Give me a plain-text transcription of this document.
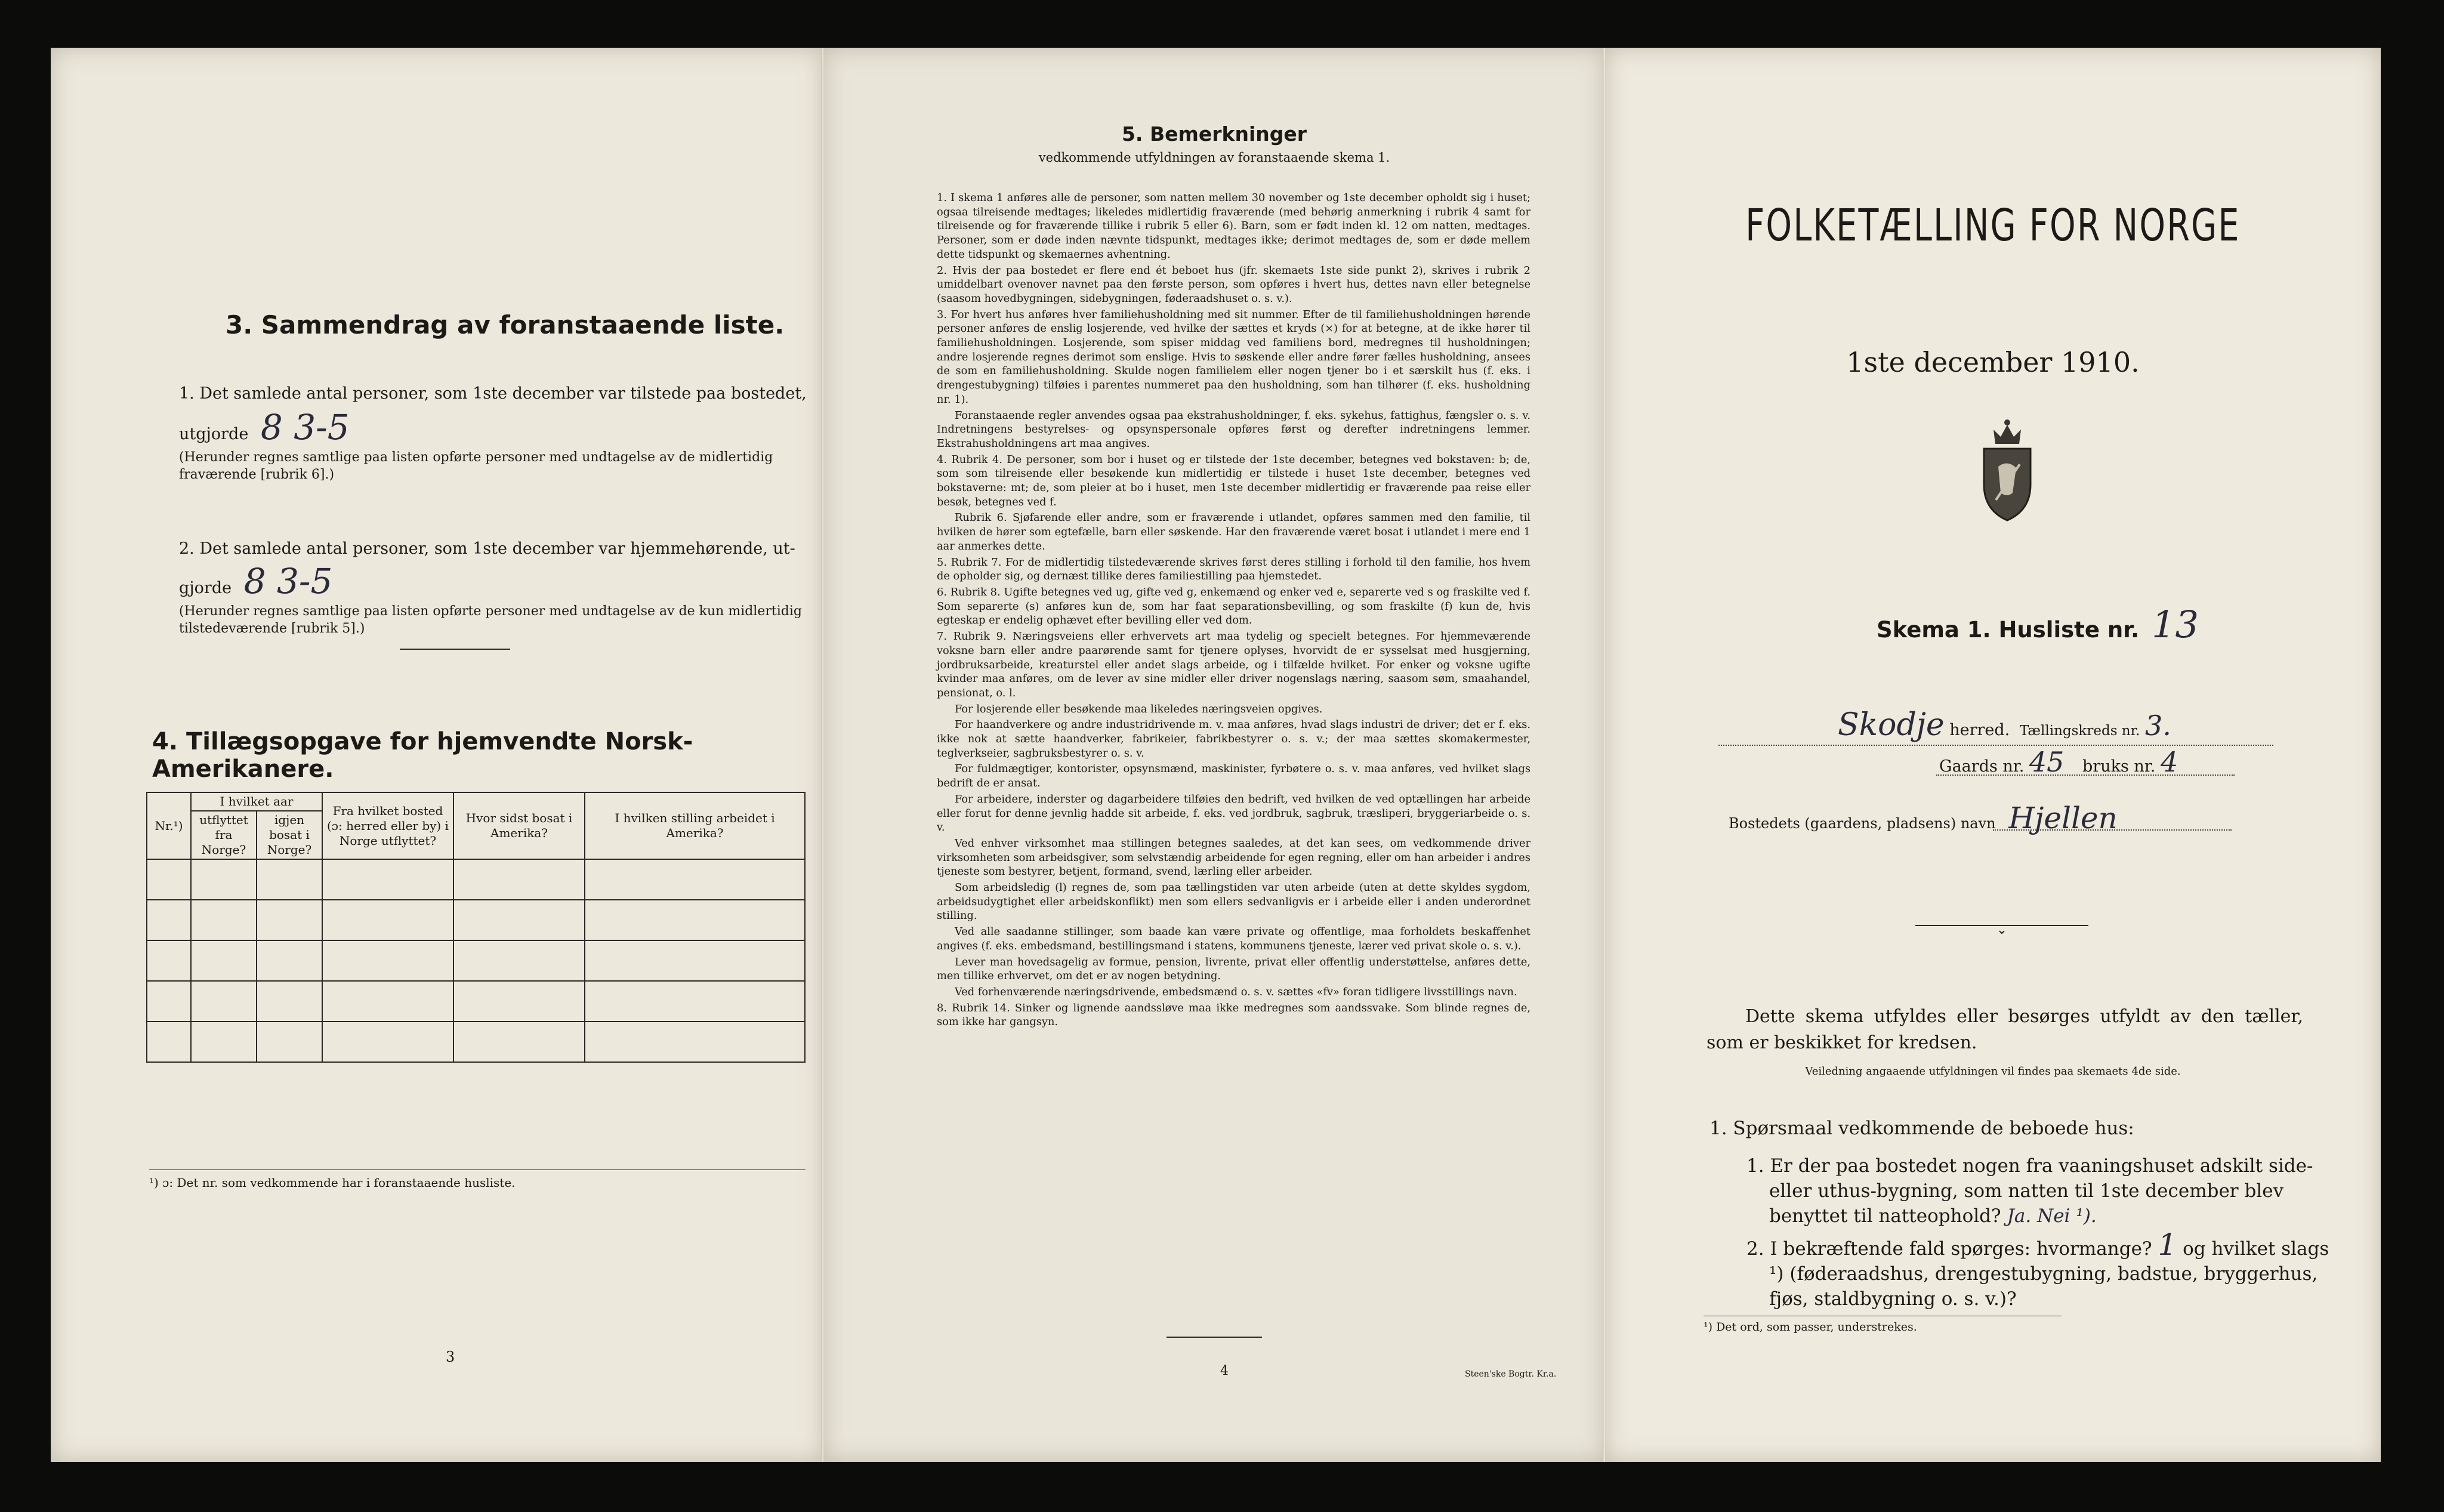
3. Sammendrag av foranstaaende liste.
1. Det samlede antal personer, som 1ste december var tilstede paa bostedet,
utgjorde 8 3-5
(Herunder regnes samtlige paa listen opførte personer med undtagelse av de midlertidig fraværende [rubrik 6].)
2. Det samlede antal personer, som 1ste december var hjemmehørende, ut-
gjorde 8 3-5
(Herunder regnes samtlige paa listen opførte personer med undtagelse av de kun midlertidig tilstedeværende [rubrik 5].)
4. Tillægsopgave for hjemvendte Norsk-Amerikanere.
Nr.¹)	I hvilket aar		Fra hvilket bosted (ɔ: herred eller by) i Norge utflyttet?	Hvor sidst bosat i Amerika?	I hvilken stilling arbeidet i Amerika?
	utflyttet fra Norge?	igjen bosat i Norge?			

¹) ɔ: Det nr. som vedkommende har i foranstaaende husliste.
3
5. Bemerkninger
vedkommende utfyldningen av foranstaaende skema 1.

1. I skema 1 anføres alle de personer, som natten mellem 30 november og 1ste december opholdt sig i huset; ogsaa tilreisende medtages; likeledes midlertidig fraværende (med behørig anmerkning i rubrik 4 samt for tilreisende og for fraværende tillike i rubrik 5 eller 6). Barn, som er født inden kl. 12 om natten, medtages. Personer, som er døde inden nævnte tidspunkt, medtages ikke; derimot medtages de, som er døde mellem dette tidspunkt og skemaernes avhentning.

2. Hvis der paa bostedet er flere end ét beboet hus (jfr. skemaets 1ste side punkt 2), skrives i rubrik 2 umiddelbart ovenover navnet paa den første person, som opføres i hvert hus, dettes navn eller betegnelse (saasom hovedbygningen, sidebygningen, føderaadshuset o. s. v.).

3. For hvert hus anføres hver familiehusholdning med sit nummer. Efter de til familiehusholdningen hørende personer anføres de enslig losjerende, ved hvilke der sættes et kryds (×) for at betegne, at de ikke hører til familiehusholdningen. Losjerende, som spiser middag ved familiens bord, medregnes til husholdningen; andre losjerende regnes derimot som enslige. Hvis to søskende eller andre fører fælles husholdning, ansees de som en familiehusholdning. Skulde nogen familielem eller nogen tjener bo i et særskilt hus (f. eks. i drengestubygning) tilføies i parentes nummeret paa den husholdning, som han tilhører (f. eks. husholdning nr. 1).

Foranstaaende regler anvendes ogsaa paa ekstrahusholdninger, f. eks. sykehus, fattighus, fængsler o. s. v. Indretningens bestyrelses- og opsynspersonale opføres først og derefter indretningens lemmer. Ekstrahusholdningens art maa angives.

4. Rubrik 4. De personer, som bor i huset og er tilstede der 1ste december, betegnes ved bokstaven: b; de, som som tilreisende eller besøkende kun midlertidig er tilstede i huset 1ste december, betegnes ved bokstaverne: mt; de, som pleier at bo i huset, men 1ste december midlertidig er fraværende paa reise eller besøk, betegnes ved f.

Rubrik 6. Sjøfarende eller andre, som er fraværende i utlandet, opføres sammen med den familie, til hvilken de hører som egtefælle, barn eller søskende. Har den fraværende været bosat i utlandet i mere end 1 aar anmerkes dette.

5. Rubrik 7. For de midlertidig tilstedeværende skrives først deres stilling i forhold til den familie, hos hvem de opholder sig, og dernæst tillike deres familiestilling paa hjemstedet.

6. Rubrik 8. Ugifte betegnes ved ug, gifte ved g, enkemænd og enker ved e, separerte ved s og fraskilte ved f. Som separerte (s) anføres kun de, som har faat separationsbevilling, og som fraskilte (f) kun de, hvis egteskap er endelig ophævet efter bevilling eller ved dom.

7. Rubrik 9. Næringsveiens eller erhvervets art maa tydelig og specielt betegnes. For hjemmeværende voksne barn eller andre paarørende samt for tjenere oplyses, hvorvidt de er sysselsat med husgjerning, jordbruksarbeide, kreaturstel eller andet slags arbeide, og i tilfælde hvilket. For enker og voksne ugifte kvinder maa anføres, om de lever av sine midler eller driver nogenslags næring, saasom søm, smaahandel, pensionat, o. l.

For losjerende eller besøkende maa likeledes næringsveien opgives.

For haandverkere og andre industridrivende m. v. maa anføres, hvad slags industri de driver; det er f. eks. ikke nok at sætte haandverker, fabrikeier, fabrikbestyrer o. s. v.; der maa sættes skomakermester, teglverkseier, sagbruksbestyrer o. s. v.

For fuldmægtiger, kontorister, opsynsmænd, maskinister, fyrbøtere o. s. v. maa anføres, ved hvilket slags bedrift de er ansat.

For arbeidere, inderster og dagarbeidere tilføies den bedrift, ved hvilken de ved optællingen har arbeide eller forut for denne jevnlig hadde sit arbeide, f. eks. ved jordbruk, sagbruk, træsliperi, bryggeriarbeide o. s. v.

Ved enhver virksomhet maa stillingen betegnes saaledes, at det kan sees, om vedkommende driver virksomheten som arbeidsgiver, som selvstændig arbeidende for egen regning, eller om han arbeider i andres tjeneste som bestyrer, betjent, formand, svend, lærling eller arbeider.

Som arbeidsledig (l) regnes de, som paa tællingstiden var uten arbeide (uten at dette skyldes sygdom, arbeidsudygtighet eller arbeidskonflikt) men som ellers sedvanligvis er i arbeide eller i anden underordnet stilling.

Ved alle saadanne stillinger, som baade kan være private og offentlige, maa forholdets beskaffenhet angives (f. eks. embedsmand, bestillingsmand i statens, kommunens tjeneste, lærer ved privat skole o. s. v.).

Lever man hovedsagelig av formue, pension, livrente, privat eller offentlig understøttelse, anføres dette, men tillike erhvervet, om det er av nogen betydning.

Ved forhenværende næringsdrivende, embedsmænd o. s. v. sættes «fv» foran tidligere livsstillings navn.

8. Rubrik 14. Sinker og lignende aandssløve maa ikke medregnes som aandssvake. Som blinde regnes de, som ikke har gangsyn.

4	Steen'ske Bogtr. Kr.a.
FOLKETÆLLING FOR NORGE
1ste december 1910.
Skema 1. Husliste nr. 13
Skodje herred. Tællingskreds nr. 3.
Gaards nr. 45 bruks nr. 4
Bostedets (gaardens, pladsens) navn Hjellen
⌄
Dette skema utfyldes eller besørges utfyldt av den tæller, som er beskikket for kredsen.
Veiledning angaaende utfyldningen vil findes paa skemaets 4de side.
1. Spørsmaal vedkommende de beboede hus:
1. Er der paa bostedet nogen fra vaaningshuset adskilt side- eller uthus-bygning, som natten til 1ste december blev benyttet til natteophold? Ja. Nei ¹).
2. I bekræftende fald spørges: hvormange? 1 og hvilket slags ¹) (føderaadshus, drengestubygning, badstue, bryggerhus, fjøs, staldbygning o. s. v.)?
¹) Det ord, som passer, understrekes.
